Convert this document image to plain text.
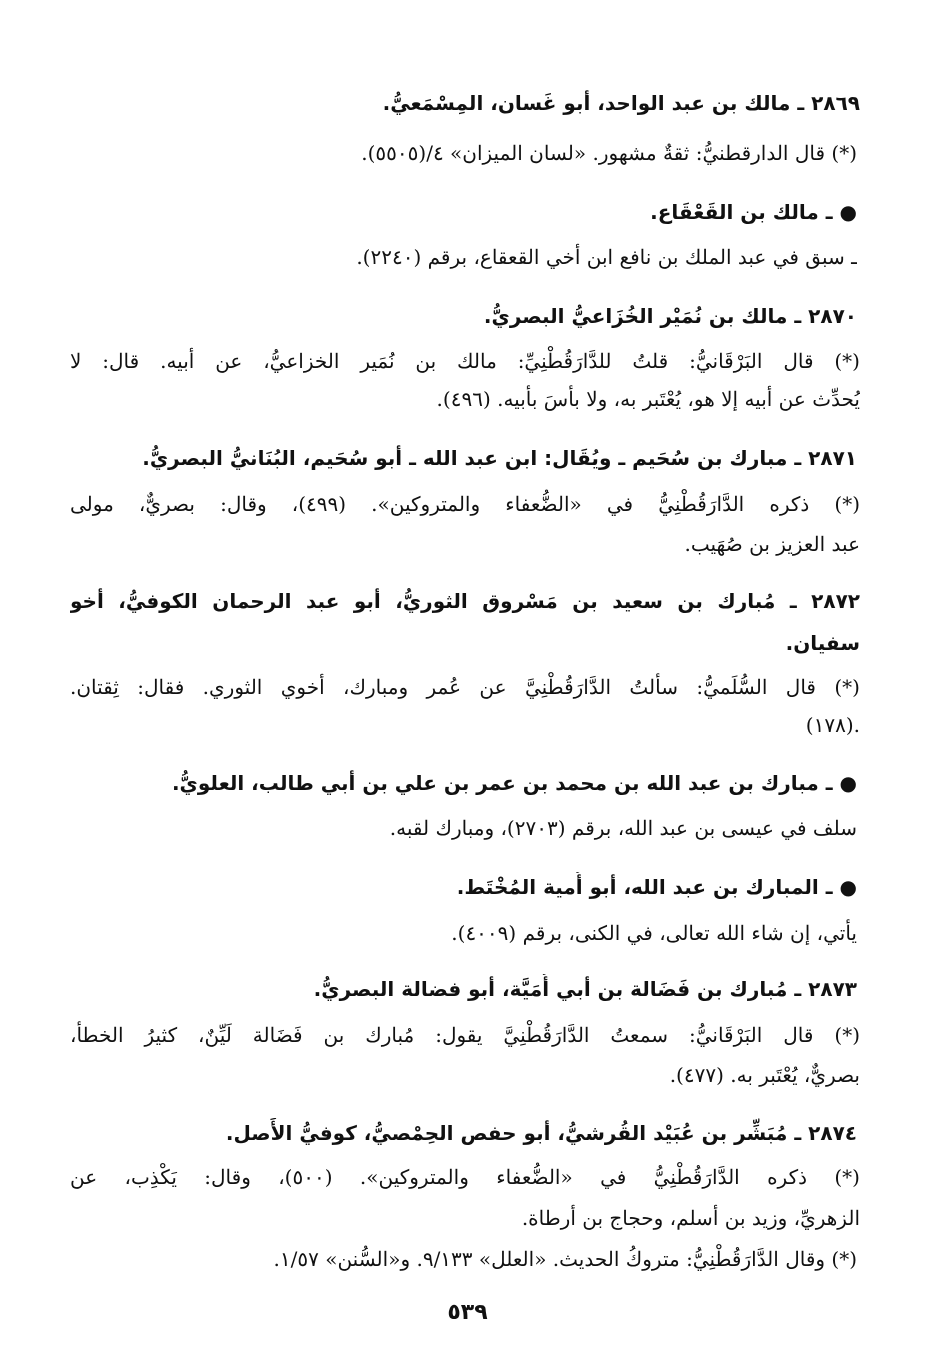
٢٨٦٩ ـ مالك بن عبد الواحد، أبو غَسان، المِسْمَعيُّ.
(*) قال الدارقطنيُّ: ثقةٌ مشهور. «لسان الميزان» ٤/(٥٥٠٥).
● ـ مالك بن القَعْقَاع.
ـ سبق في عبد الملك بن نافع ابن أخي القعقاع، برقم (٢٢٤٠).
٢٨٧٠ ـ مالك بن نُمَيْر الخُزَاعيُّ البصريُّ.
(*) قال البَرْقَانيُّ: قلتُ للدَّارَقُطْنِيِّ: مالك بن نُمَير الخزاعيُّ، عن أبيه. قال: لا
يُحدِّث عن أبيه إلا هو، يُعْتَبر به، ولا بأْسَ بأبيه. (٤٩٦).
٢٨٧١ ـ مبارك بن سُحَيم ـ ويُقَال: ابن عبد الله ـ أبو سُحَيم، البُنَانيُّ البصريُّ.
(*) ذكره الدَّارَقُطْنِيُّ في «الضُّعفاء والمتروكين». (٤٩٩)، وقال: بصريٌّ، مولى
عبد العزيز بن صُهَيب.
٢٨٧٢ ـ مُبارك بن سعيد بن مَسْروق الثوريُّ، أبو عبد الرحمان الكوفيُّ، أخو
سفيان.
(*) قال السُّلَميُّ: سألتُ الدَّارَقُطْنِيَّ عن عُمر ومبارك، أخوي الثوري. فقال: ثِقتان.
.(١٧٨)
● ـ مبارك بن عبد الله بن محمد بن عمر بن علي بن أبي طالب، العلويُّ.
سلف في عيسى بن عبد الله، برقم (٢٧٠٣)، ومبارك لقبه.
● ـ المبارك بن عبد الله، أبو أُمية المُخْتَط.
يأتي، إن شاء الله تعالى، في الكنى، برقم (٤٠٠٩).
٢٨٧٣ ـ مُبارك بن فَضَالة بن أبي أُمَيَّة، أبو فضالة البصريُّ.
(*) قال البَرْقَانيُّ: سمعتُ الدَّارَقُطْنِيَّ يقول: مُبارك بن فَضَالة لَيِّنٌ، كثيرُ الخطأ،
بصريٌّ، يُعْتَبر به. (٤٧٧).
٢٨٧٤ ـ مُبَشِّر بن عُبَيْد القُرشيُّ، أبو حفص الحِمْصيُّ، كوفيُّ الأَصل.
(*) ذكره الدَّارَقُطْنِيُّ في «الضُّعفاء والمتروكين». (٥٠٠)، وقال: يَكْذِب، عن
الزهريِّ، وزيد بن أسلم، وحجاج بن أرطاة.
(*) وقال الدَّارَقُطْنِيُّ: متروكُ الحديث. «العلل» ٩/١٣٣. و«السُّنن» ١/٥٧.
٥٣٩
